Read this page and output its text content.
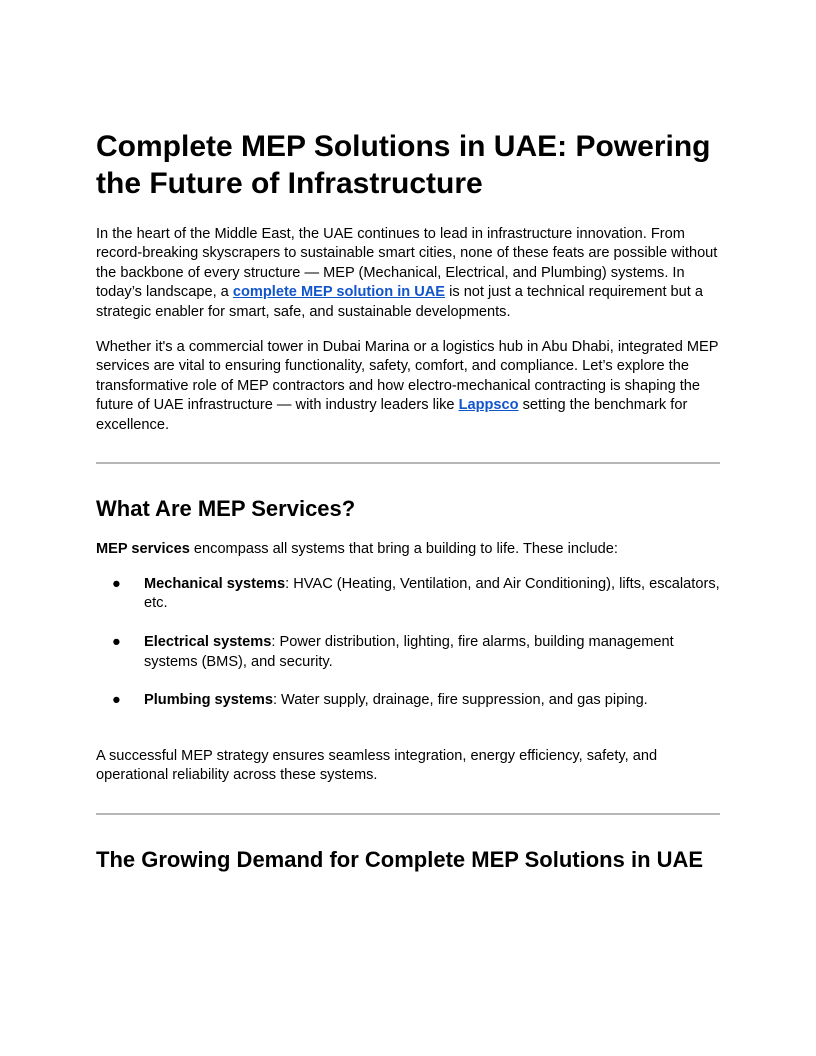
Complete MEP Solutions in UAE: Powering the Future of Infrastructure

In the heart of the Middle East, the UAE continues to lead in infrastructure innovation. From record-breaking skyscrapers to sustainable smart cities, none of these feats are possible without the backbone of every structure — MEP (Mechanical, Electrical, and Plumbing) systems. In today’s landscape, a complete MEP solution in UAE is not just a technical requirement but a strategic enabler for smart, safe, and sustainable developments.

Whether it's a commercial tower in Dubai Marina or a logistics hub in Abu Dhabi, integrated MEP services are vital to ensuring functionality, safety, comfort, and compliance. Let’s explore the transformative role of MEP contractors and how electro-mechanical contracting is shaping the future of UAE infrastructure — with industry leaders like Lappsco setting the benchmark for excellence.

What Are MEP Services?

MEP services encompass all systems that bring a building to life. These include:

● Mechanical systems: HVAC (Heating, Ventilation, and Air Conditioning), lifts, escalators, etc.
● Electrical systems: Power distribution, lighting, fire alarms, building management systems (BMS), and security.
● Plumbing systems: Water supply, drainage, fire suppression, and gas piping.

A successful MEP strategy ensures seamless integration, energy efficiency, safety, and operational reliability across these systems.

The Growing Demand for Complete MEP Solutions in UAE
